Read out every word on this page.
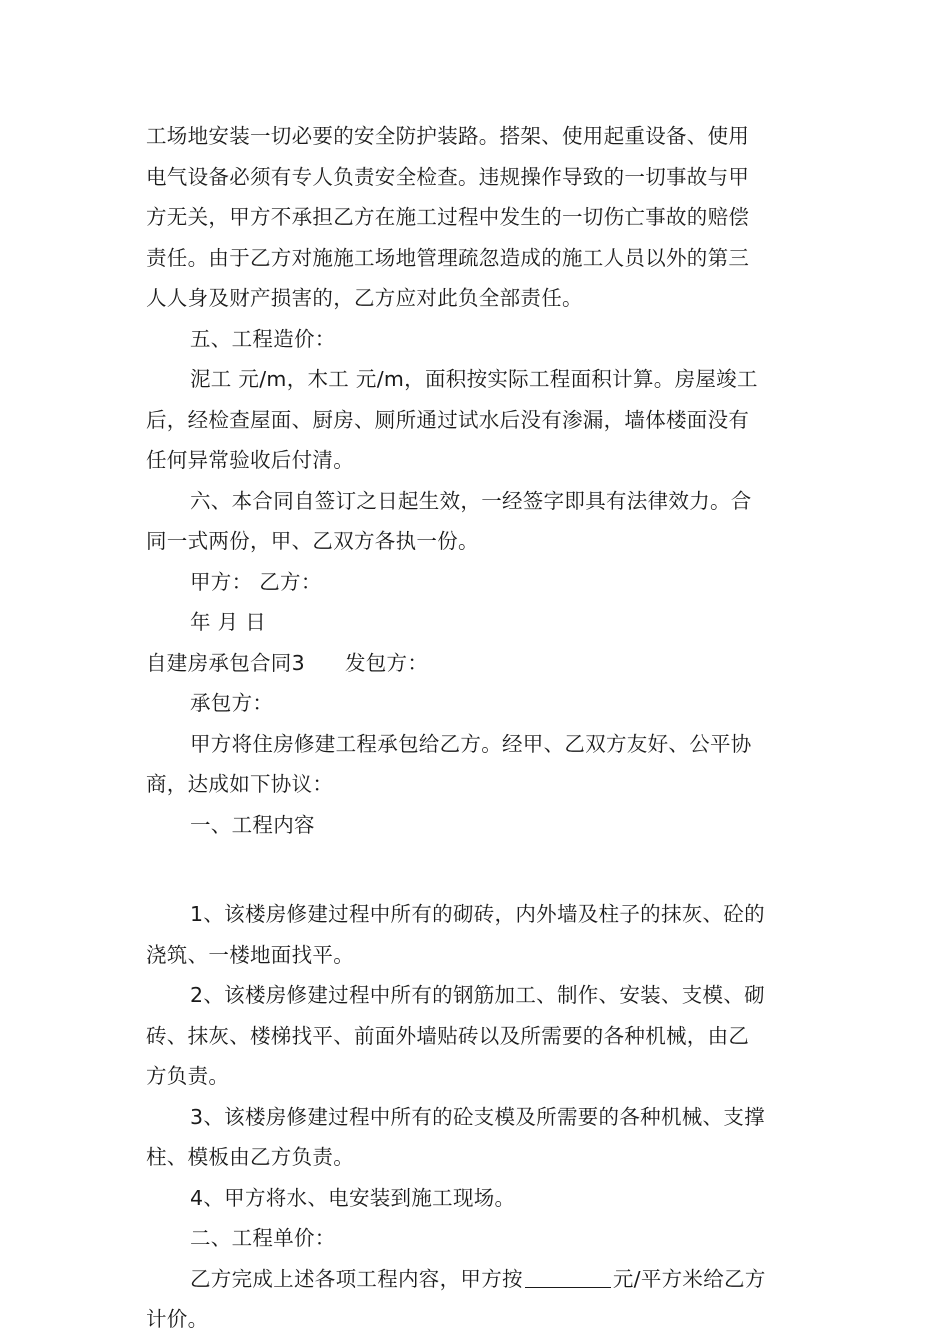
工场地安装一切必要的安全防护装路。搭架、使用起重设备、使用
电气设备必须有专人负责安全检查。违规操作导致的一切事故与甲
方无关，甲方不承担乙方在施工过程中发生的一切伤亡事故的赔偿
责任。由于乙方对施施工场地管理疏忽造成的施工人员以外的第三
人人身及财产损害的，乙方应对此负全部责任。

五、工程造价：

泥工 元/m，木工 元/m，面积按实际工程面积计算。房屋竣工
后，经检查屋面、厨房、厕所通过试水后没有渗漏，墙体楼面没有
任何异常验收后付清。

六、本合同自签订之日起生效，一经签字即具有法律效力。合
同一式两份，甲、乙双方各执一份。

甲方： 乙方：

年 月 日

自建房承包合同3 发包方：

承包方：

甲方将住房修建工程承包给乙方。经甲、乙双方友好、公平协
商，达成如下协议：

一、工程内容

1、该楼房修建过程中所有的砌砖，内外墙及柱子的抹灰、砼的
浇筑、一楼地面找平。

2、该楼房修建过程中所有的钢筋加工、制作、安装、支模、砌
砖、抹灰、楼梯找平、前面外墙贴砖以及所需要的各种机械，由乙
方负责。

3、该楼房修建过程中所有的砼支模及所需要的各种机械、支撑
柱、模板由乙方负责。

4、甲方将水、电安装到施工现场。

二、工程单价：

乙方完成上述各项工程内容，甲方按	元/平方米给乙方
计价。
